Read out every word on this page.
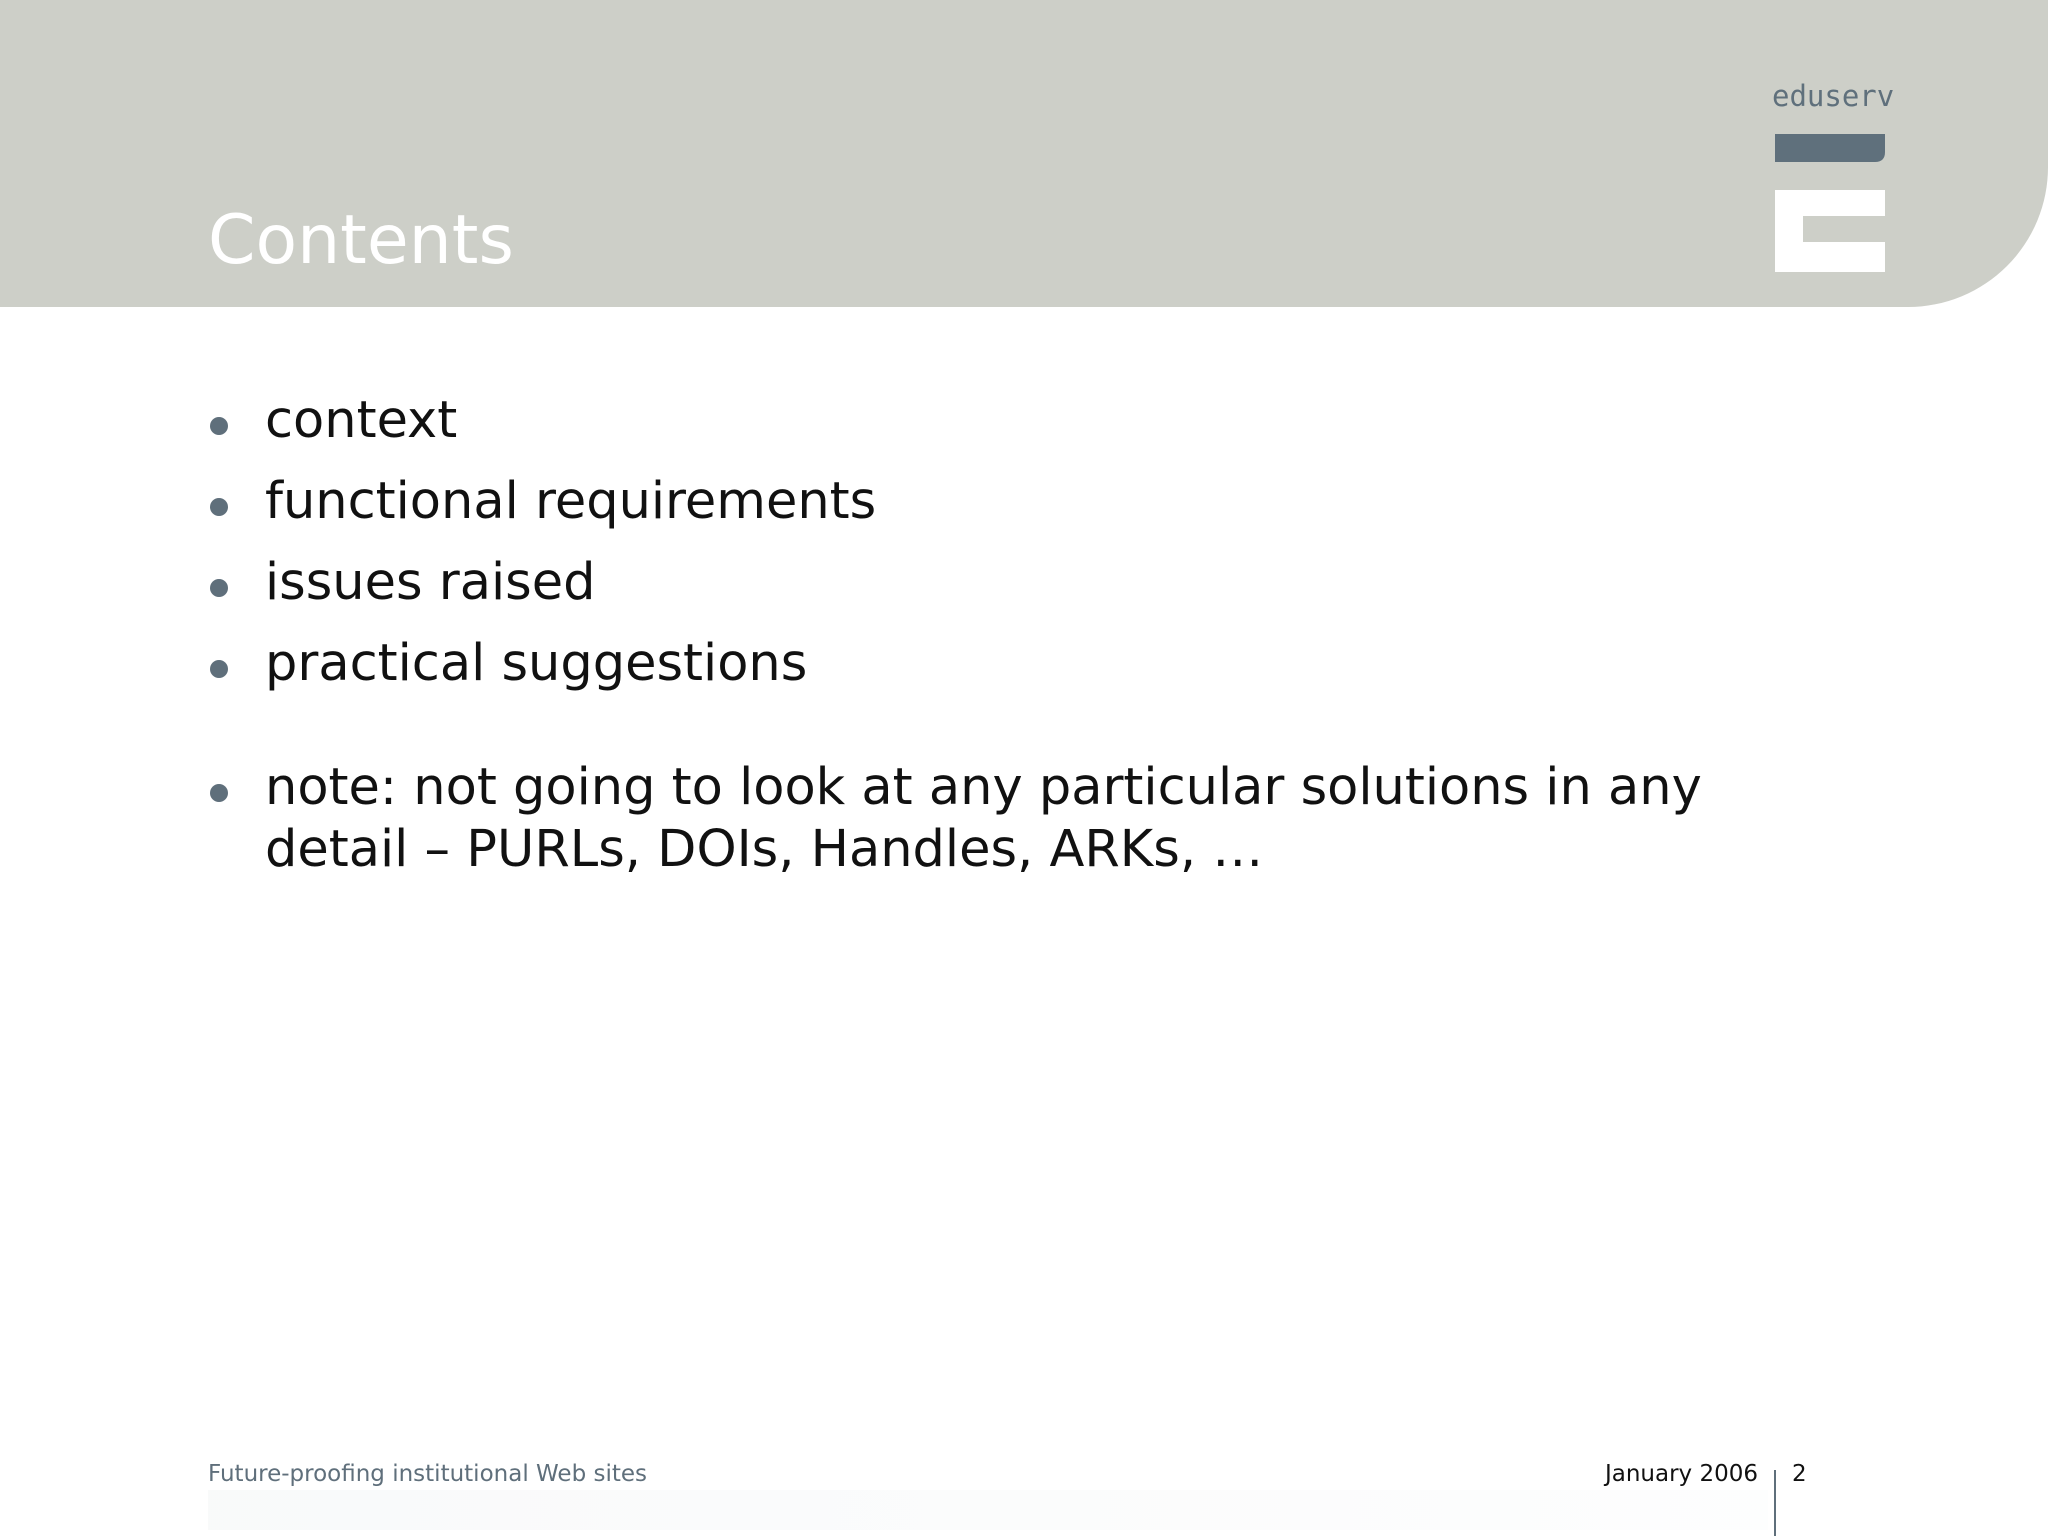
Contents
eduserv
context
functional requirements
issues raised
practical suggestions
note: not going to look at any particular solutions in any detail – PURLs, DOIs, Handles, ARKs, …
Future-proofing institutional Web sites	January 2006 2
